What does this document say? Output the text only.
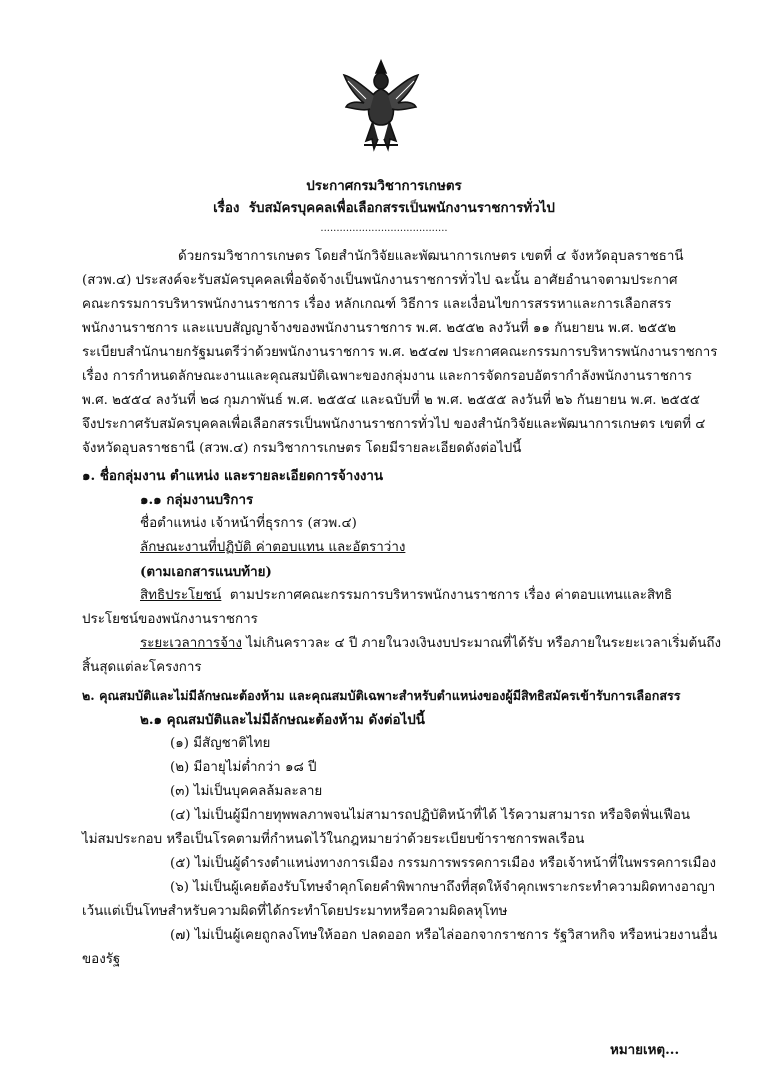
ประกาศกรมวิชาการเกษตร
เรื่อง รับสมัครบุคคลเพื่อเลือกสรรเป็นพนักงานราชการทั่วไป
........................................
ด้วยกรมวิชาการเกษตร โดยสำนักวิจัยและพัฒนาการเกษตร เขตที่ ๔ จังหวัดอุบลราชธานี
(สวพ.๔) ประสงค์จะรับสมัครบุคคลเพื่อจัดจ้างเป็นพนักงานราชการทั่วไป ฉะนั้น อาศัยอำนาจตามประกาศ
คณะกรรมการบริหารพนักงานราชการ เรื่อง หลักเกณฑ์ วิธีการ และเงื่อนไขการสรรหาและการเลือกสรร
พนักงานราชการ และแบบสัญญาจ้างของพนักงานราชการ พ.ศ. ๒๕๕๒ ลงวันที่ ๑๑ กันยายน พ.ศ. ๒๕๕๒
ระเบียบสำนักนายกรัฐมนตรีว่าด้วยพนักงานราชการ พ.ศ. ๒๕๔๗ ประกาศคณะกรรมการบริหารพนักงานราชการ
เรื่อง การกำหนดลักษณะงานและคุณสมบัติเฉพาะของกลุ่มงาน และการจัดกรอบอัตรากำลังพนักงานราชการ
พ.ศ. ๒๕๕๔ ลงวันที่ ๒๘ กุมภาพันธ์ พ.ศ. ๒๕๕๔ และฉบับที่ ๒ พ.ศ. ๒๕๕๕ ลงวันที่ ๒๖ กันยายน พ.ศ. ๒๕๕๕
จึงประกาศรับสมัครบุคคลเพื่อเลือกสรรเป็นพนักงานราชการทั่วไป ของสำนักวิจัยและพัฒนาการเกษตร เขตที่ ๔
จังหวัดอุบลราชธานี (สวพ.๔) กรมวิชาการเกษตร โดยมีรายละเอียดดังต่อไปนี้
๑. ชื่อกลุ่มงาน ตำแหน่ง และรายละเอียดการจ้างงาน
๑.๑ กลุ่มงานบริการ
ชื่อตำแหน่ง เจ้าหน้าที่ธุรการ (สวพ.๔)
ลักษณะงานที่ปฏิบัติ ค่าตอบแทน และอัตราว่าง
(ตามเอกสารแนบท้าย)
สิทธิประโยชน์ ตามประกาศคณะกรรมการบริหารพนักงานราชการ เรื่อง ค่าตอบแทนและสิทธิ
ประโยชน์ของพนักงานราชการ
ระยะเวลาการจ้าง ไม่เกินคราวละ ๔ ปี ภายในวงเงินงบประมาณที่ได้รับ หรือภายในระยะเวลาเริ่มต้นถึง
สิ้นสุดแต่ละโครงการ
๒. คุณสมบัติและไม่มีลักษณะต้องห้าม และคุณสมบัติเฉพาะสำหรับตำแหน่งของผู้มีสิทธิสมัครเข้ารับการเลือกสรร
๒.๑ คุณสมบัติและไม่มีลักษณะต้องห้าม ดังต่อไปนี้
(๑) มีสัญชาติไทย
(๒) มีอายุไม่ต่ำกว่า ๑๘ ปี
(๓) ไม่เป็นบุคคลล้มละลาย
(๔) ไม่เป็นผู้มีกายทุพพลภาพจนไม่สามารถปฏิบัติหน้าที่ได้ ไร้ความสามารถ หรือจิตฟั่นเฟือน
ไม่สมประกอบ หรือเป็นโรคตามที่กำหนดไว้ในกฎหมายว่าด้วยระเบียบข้าราชการพลเรือน
(๕) ไม่เป็นผู้ดำรงตำแหน่งทางการเมือง กรรมการพรรคการเมือง หรือเจ้าหน้าที่ในพรรคการเมือง
(๖) ไม่เป็นผู้เคยต้องรับโทษจำคุกโดยคำพิพากษาถึงที่สุดให้จำคุกเพราะกระทำความผิดทางอาญา
เว้นแต่เป็นโทษสำหรับความผิดที่ได้กระทำโดยประมาทหรือความผิดลหุโทษ
(๗) ไม่เป็นผู้เคยถูกลงโทษให้ออก ปลดออก หรือไล่ออกจากราชการ รัฐวิสาหกิจ หรือหน่วยงานอื่น
ของรัฐ
หมายเหตุ...
